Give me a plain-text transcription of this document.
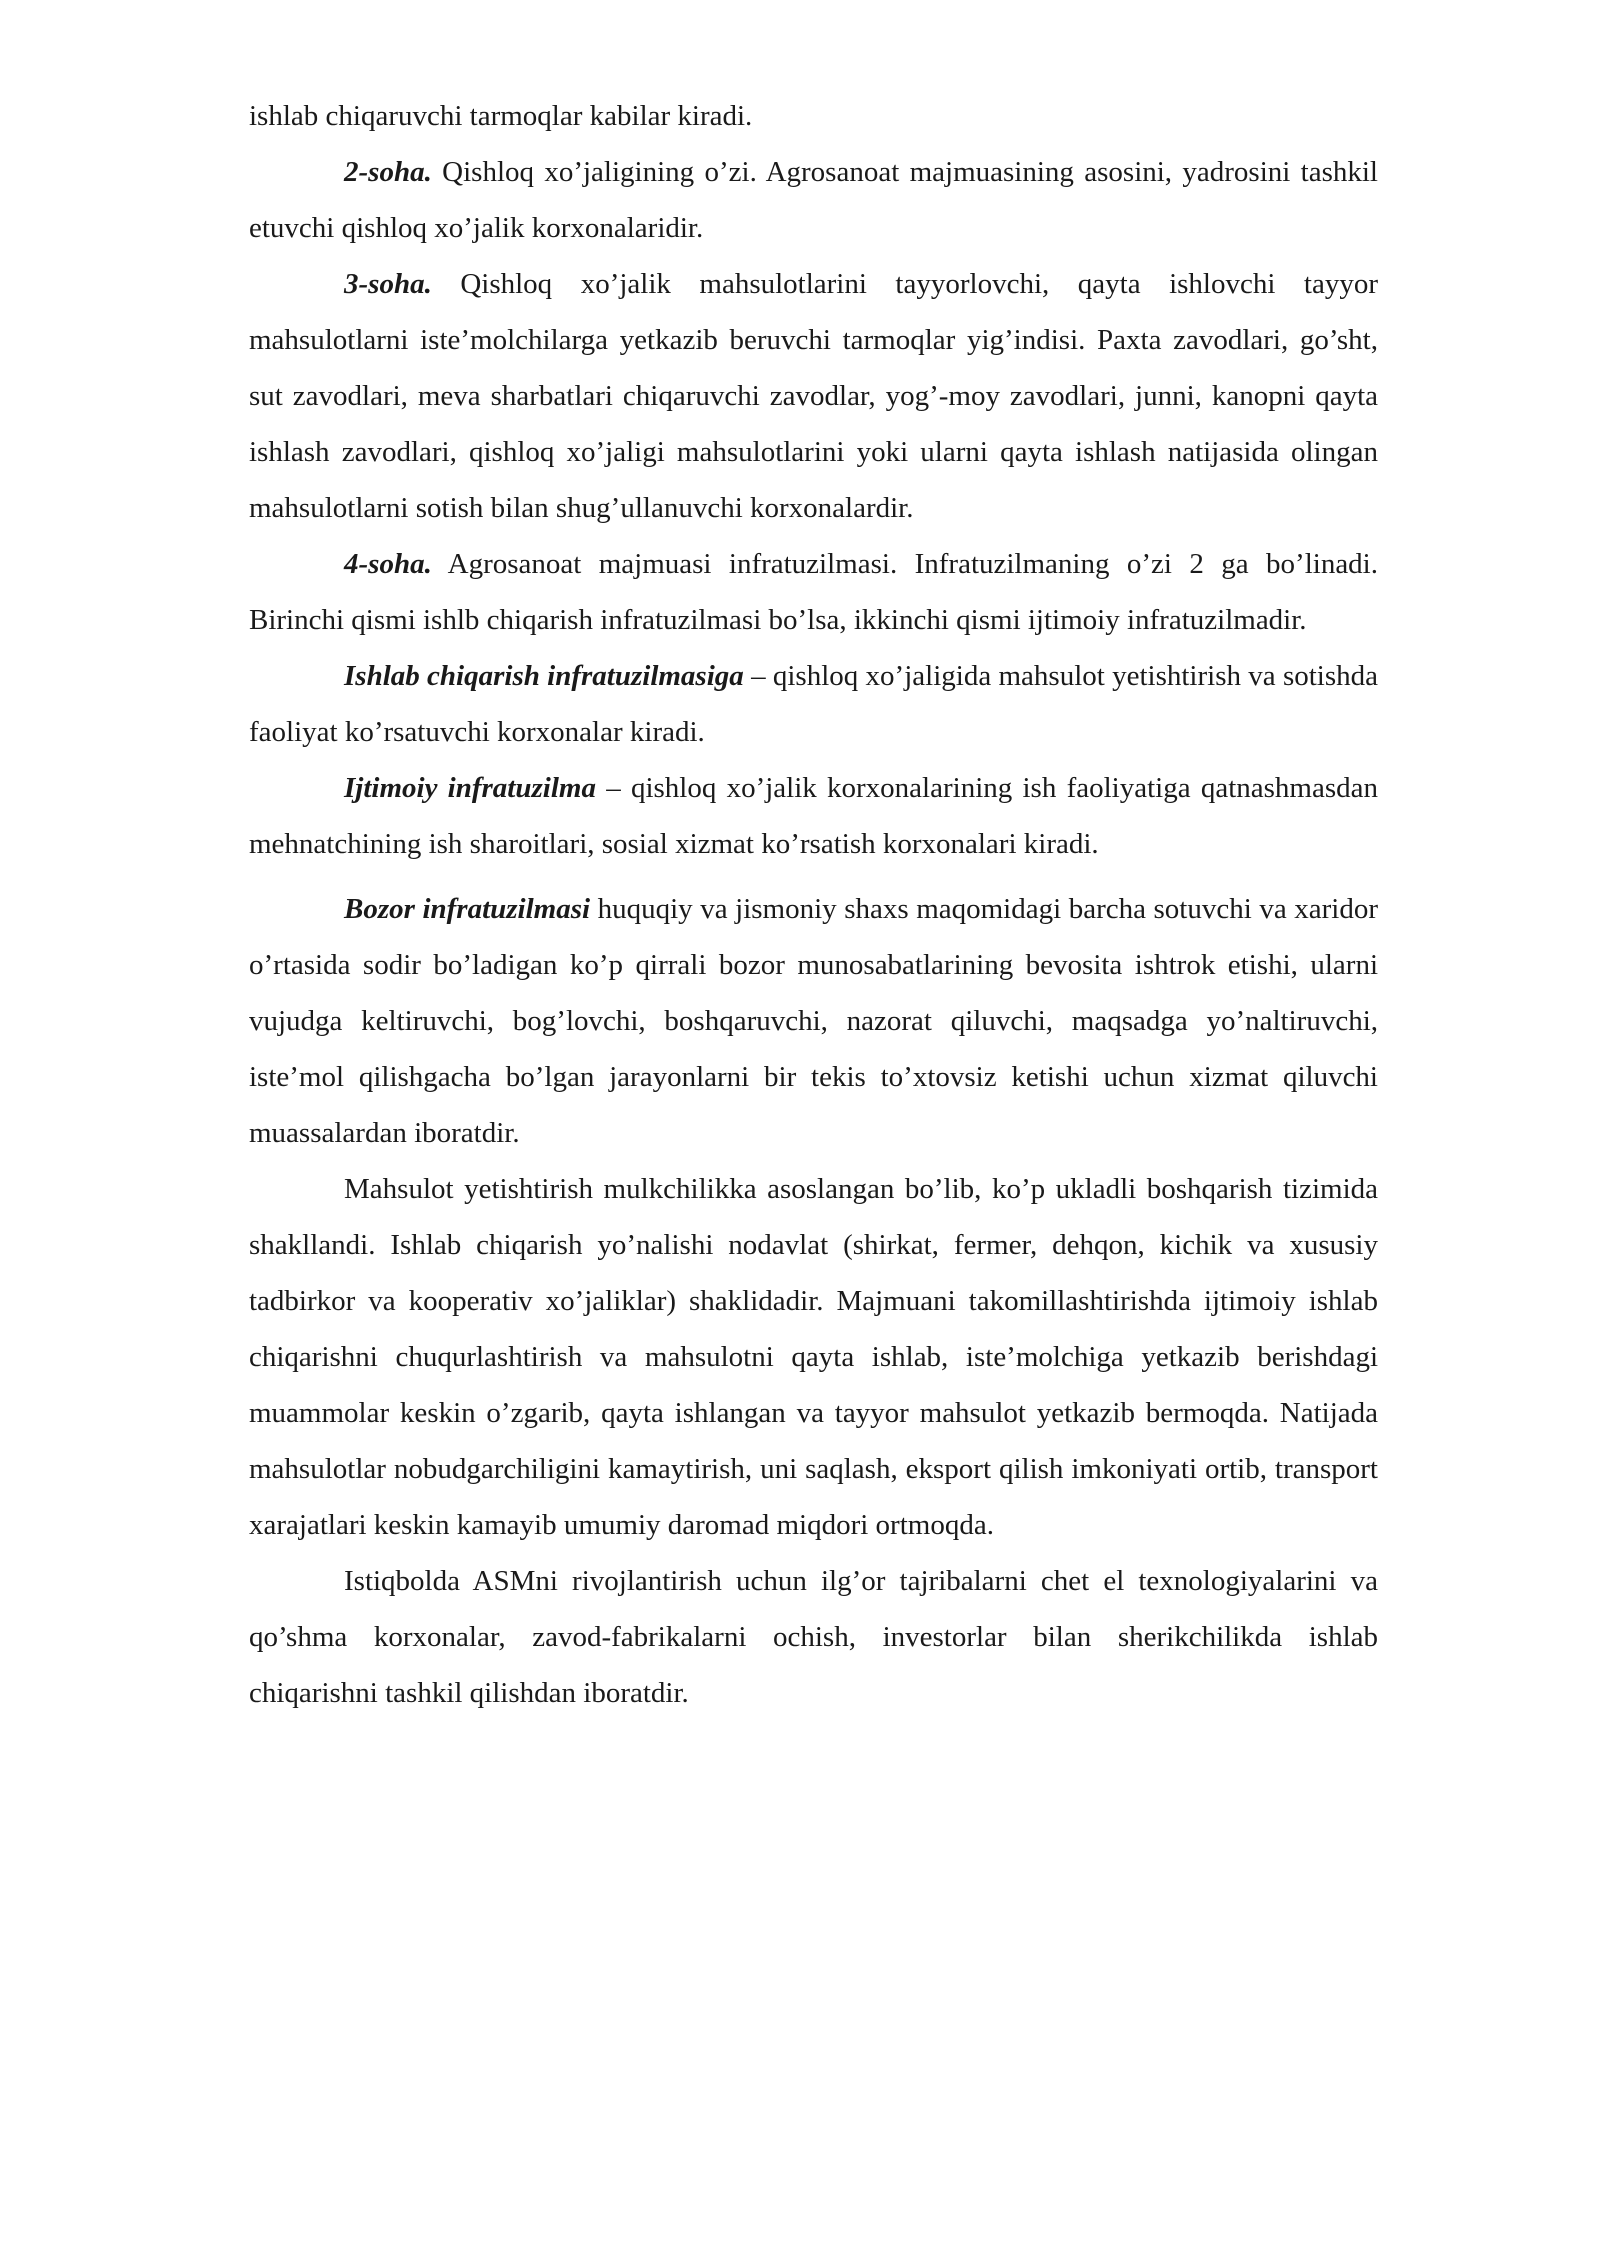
ishlab chiqaruvchi tarmoqlar kabilar kiradi.

2-soha. Qishloq xo’jaligining o’zi. Agrosanoat majmuasining asosini, yadrosini tashkil etuvchi qishloq xo’jalik korxonalaridir.

3-soha. Qishloq xo’jalik mahsulotlarini tayyorlovchi, qayta ishlovchi tayyor mahsulotlarni iste’molchilarga yetkazib beruvchi tarmoqlar yig’indisi. Paxta zavodlari, go’sht, sut zavodlari, meva sharbatlari chiqaruvchi zavodlar, yog’-moy zavodlari, junni, kanopni qayta ishlash zavodlari, qishloq xo’jaligi mahsulotlarini yoki ularni qayta ishlash natijasida olingan mahsulotlarni sotish bilan shug’ullanuvchi korxonalardir.

4-soha. Agrosanoat majmuasi infratuzilmasi. Infratuzilmaning o’zi 2 ga bo’linadi. Birinchi qismi ishlb chiqarish infratuzilmasi bo’lsa, ikkinchi qismi ijtimoiy infratuzilmadir.

Ishlab chiqarish infratuzilmasiga – qishloq xo’jaligida mahsulot yetishtirish va sotishda faoliyat ko’rsatuvchi korxonalar kiradi.

Ijtimoiy infratuzilma – qishloq xo’jalik korxonalarining ish faoliyatiga qatnashmasdan mehnatchining ish sharoitlari, sosial xizmat ko’rsatish korxonalari kiradi.

Bozor infratuzilmasi huquqiy va jismoniy shaxs maqomidagi barcha sotuvchi va xaridor o’rtasida sodir bo’ladigan ko’p qirrali bozor munosabatlarining bevosita ishtrok etishi, ularni vujudga keltiruvchi, bog’lovchi, boshqaruvchi, nazorat qiluvchi, maqsadga yo’naltiruvchi, iste’mol qilishgacha bo’lgan jarayonlarni bir tekis to’xtovsiz ketishi uchun xizmat qiluvchi muassalardan iboratdir.

Mahsulot yetishtirish mulkchilikka asoslangan bo’lib, ko’p ukladli boshqarish tizimida shakllandi. Ishlab chiqarish yo’nalishi nodavlat (shirkat, fermer, dehqon, kichik va xususiy tadbirkor va kooperativ xo’jaliklar) shaklidadir. Majmuani takomillashtirishda ijtimoiy ishlab chiqarishni chuqurlashtirish va mahsulotni qayta ishlab, iste’molchiga yetkazib berishdagi muammolar keskin o’zgarib, qayta ishlangan va tayyor mahsulot yetkazib bermoqda. Natijada mahsulotlar nobudgarchiligini kamaytirish, uni saqlash, eksport qilish imkoniyati ortib, transport xarajatlari keskin kamayib umumiy daromad miqdori ortmoqda.

Istiqbolda ASMni rivojlantirish uchun ilg’or tajribalarni chet el texnologiyalarini va qo’shma korxonalar, zavod-fabrikalarni ochish, investorlar bilan sherikchilikda ishlab chiqarishni tashkil qilishdan iboratdir.
